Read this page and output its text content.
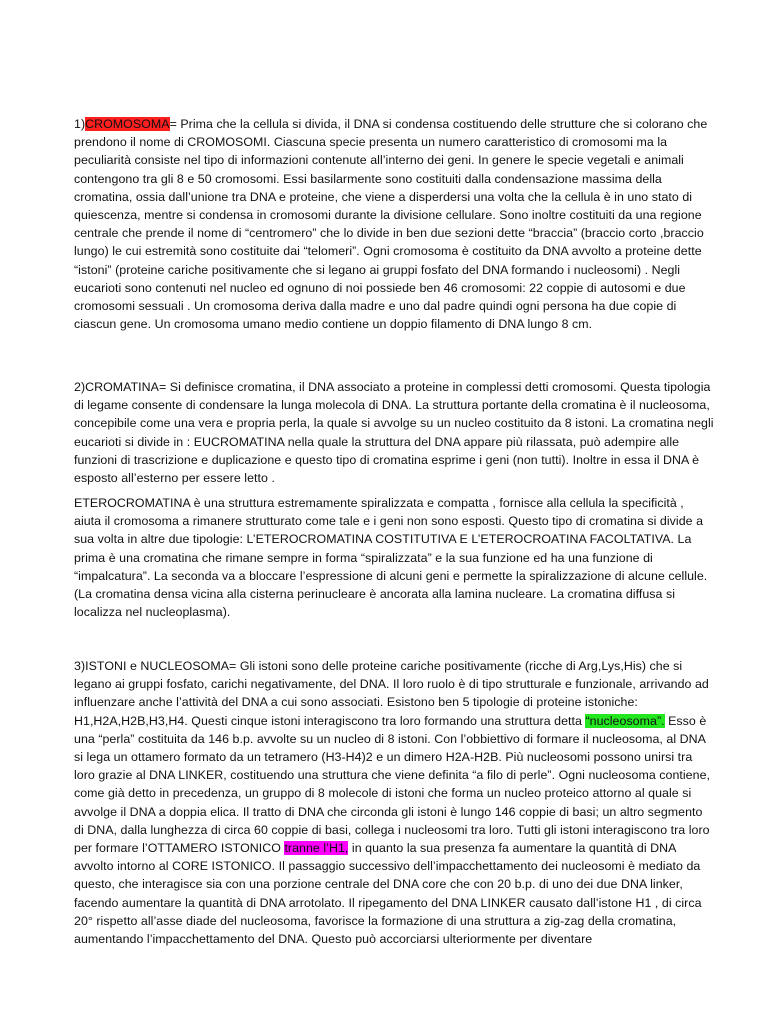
1)CROMOSOMA= Prima che la cellula si divida, il DNA si condensa costituendo delle strutture che si colorano che prendono il nome di CROMOSOMI. Ciascuna specie presenta un numero caratteristico di cromosomi ma la peculiarità consiste nel tipo di informazioni contenute all’interno dei geni. In genere le specie vegetali e animali contengono tra gli 8 e 50 cromosomi. Essi basilarmente sono costituiti dalla condensazione massima della cromatina, ossia dall’unione tra DNA e proteine, che viene a disperdersi una volta che la cellula è in uno stato di quiescenza, mentre si condensa in cromosomi durante la divisione cellulare. Sono inoltre costituiti da una regione centrale che prende il nome di “centromero” che lo divide in ben due sezioni dette “braccia” (braccio corto ,braccio lungo) le cui estremità sono costituite dai “telomeri”. Ogni cromosoma è costituito da DNA avvolto a proteine dette “istoni” (proteine cariche positivamente che si legano ai gruppi fosfato del DNA formando i nucleosomi) . Negli eucarioti sono contenuti nel nucleo ed ognuno di noi possiede ben 46 cromosomi: 22 coppie di autosomi e due cromosomi sessuali . Un cromosoma deriva dalla madre e uno dal padre quindi ogni persona ha due copie di ciascun gene. Un cromosoma umano medio contiene un doppio filamento di DNA lungo 8 cm.

2)CROMATINA= Si definisce cromatina, il DNA associato a proteine in complessi detti cromosomi. Questa tipologia di legame consente di condensare la lunga molecola di DNA. La struttura portante della cromatina è il nucleosoma, concepibile come una vera e propria perla, la quale si avvolge su un nucleo costituito da 8 istoni. La cromatina negli eucarioti si divide in : EUCROMATINA nella quale la struttura del DNA appare più rilassata, può adempire alle funzioni di trascrizione e duplicazione e questo tipo di cromatina esprime i geni (non tutti). Inoltre in essa il DNA è esposto all’esterno per essere letto .

ETEROCROMATINA è una struttura estremamente spiralizzata e compatta , fornisce alla cellula la specificità , aiuta il cromosoma a rimanere strutturato come tale e i geni non sono esposti. Questo tipo di cromatina si divide a sua volta in altre due tipologie: L’ETEROCROMATINA COSTITUTIVA E L’ETEROCROATINA FACOLTATIVA. La prima è una cromatina che rimane sempre in forma “spiralizzata” e la sua funzione ed ha una funzione di “impalcatura”. La seconda va a bloccare l’espressione di alcuni geni e permette la spiralizzazione di alcune cellule. (La cromatina densa vicina alla cisterna perinucleare è ancorata alla lamina nucleare. La cromatina diffusa si localizza nel nucleoplasma).

3)ISTONI e NUCLEOSOMA= Gli istoni sono delle proteine cariche positivamente (ricche di Arg,Lys,His) che si legano ai gruppi fosfato, carichi negativamente, del DNA. Il loro ruolo è di tipo strutturale e funzionale, arrivando ad influenzare anche l’attività del DNA a cui sono associati. Esistono ben 5 tipologie di proteine istoniche: H1,H2A,H2B,H3,H4. Questi cinque istoni interagiscono tra loro formando una struttura detta “nucleosoma”. Esso è una “perla” costituita da 146 b.p. avvolte su un nucleo di 8 istoni. Con l’obbiettivo di formare il nucleosoma, al DNA si lega un ottamero formato da un tetramero (H3-H4)2 e un dimero H2A-H2B. Più nucleosomi possono unirsi tra loro grazie al DNA LINKER, costituendo una struttura che viene definita “a filo di perle”. Ogni nucleosoma contiene, come già detto in precedenza, un gruppo di 8 molecole di istoni che forma un nucleo proteico attorno al quale si avvolge il DNA a doppia elica. Il tratto di DNA che circonda gli istoni è lungo 146 coppie di basi; un altro segmento di DNA, dalla lunghezza di circa 60 coppie di basi, collega i nucleosomi tra loro. Tutti gli istoni interagiscono tra loro per formare l’OTTAMERO ISTONICO tranne l’H1, in quanto la sua presenza fa aumentare la quantità di DNA avvolto intorno al CORE ISTONICO. Il passaggio successivo dell’impacchettamento dei nucleosomi è mediato da questo, che interagisce sia con una porzione centrale del DNA core che con 20 b.p. di uno dei due DNA linker, facendo aumentare la quantità di DNA arrotolato. Il ripegamento del DNA LINKER causato dall’istone H1 , di circa 20° rispetto all’asse diade del nucleosoma, favorisce la formazione di una struttura a zig-zag della cromatina, aumentando l’impacchettamento del DNA. Questo può accorciarsi ulteriormente per diventare
